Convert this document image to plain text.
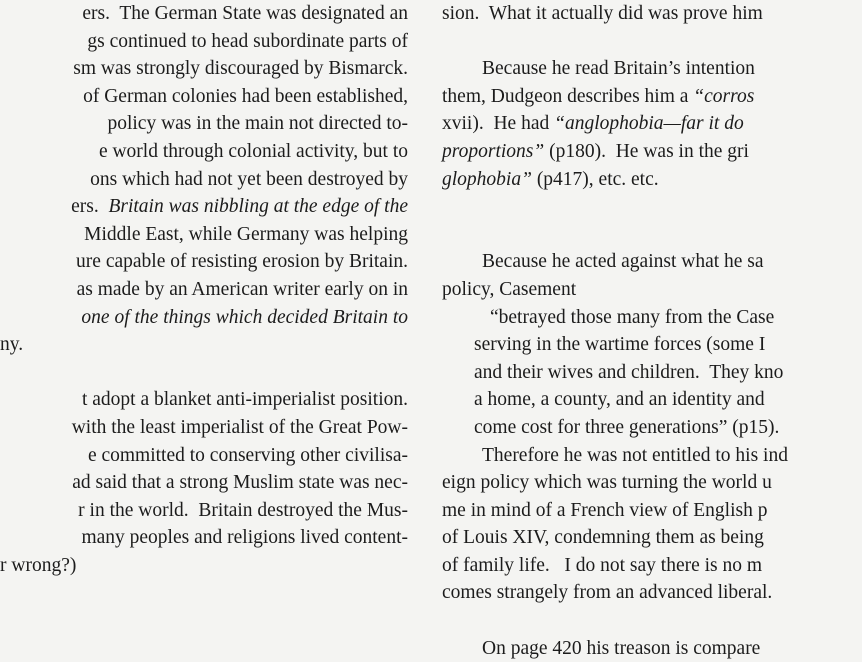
ers.  The German State was designated an
gs continued to head subordinate parts of
sm was strongly discouraged by Bismarck.
of German colonies had been established,
policy was in the main not directed to-
e world through colonial activity, but to
ons which had not yet been destroyed by
ers.  Britain was nibbling at the edge of the
Middle East, while Germany was helping
ure capable of resisting erosion by Britain.
as made by an American writer early on in
one of the things which decided Britain to
ny.
t adopt a blanket anti-imperialist position.
with the least imperialist of the Great Pow-
e committed to conserving other civilisa-
ad said that a strong Muslim state was nec-
r in the world.  Britain destroyed the Mus-
many peoples and religions lived content-
r wrong?)
sion.  What it actually did was prove him
Because he read Britain’s intention
them, Dudgeon describes him a “corros
xvii).  He had “anglophobia—far it do
proportions” (p180).  He was in the gri
glophobia” (p417), etc. etc.
Because he acted against what he sa
policy, Casement
“betrayed those many from the Case
serving in the wartime forces (some I
and their wives and children.  They kno
a home, a county, and an identity and
come cost for three generations” (p15).
Therefore he was not entitled to his ind
eign policy which was turning the world u
me in mind of a French view of English p
of Louis XIV, condemning them as being
of family life.   I do not say there is no m
comes strangely from an advanced liberal.
On page 420 his treason is compare
